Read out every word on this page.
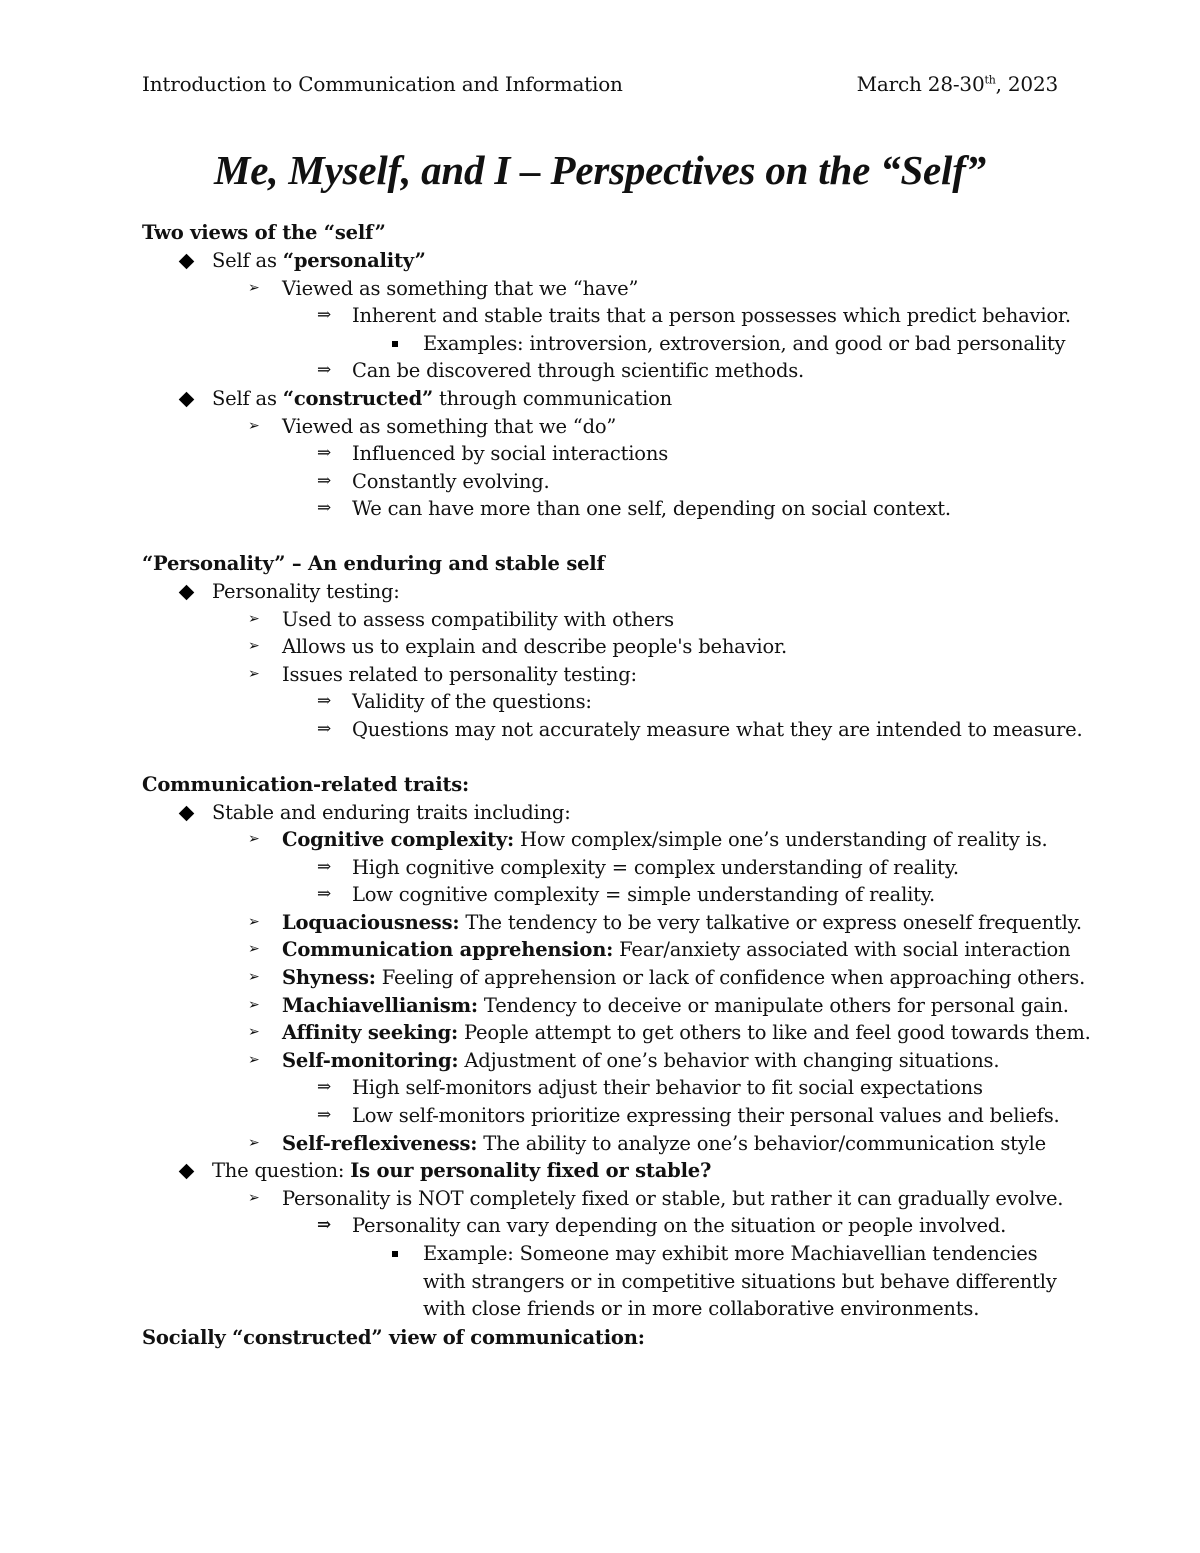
Introduction to Communication and Information	March 28-30th, 2023
Me, Myself, and I – Perspectives on the “Self”
Two views of the “self”
Self as “personality”
➢ Viewed as something that we “have”
⇒ Inherent and stable traits that a person possesses which predict behavior.
Examples: introversion, extroversion, and good or bad personality
⇒ Can be discovered through scientific methods.
Self as “constructed” through communication
➢ Viewed as something that we “do”
⇒ Influenced by social interactions
⇒ Constantly evolving.
⇒ We can have more than one self, depending on social context.
“Personality” – An enduring and stable self
Personality testing:
➢ Used to assess compatibility with others
➢ Allows us to explain and describe people's behavior.
➢ Issues related to personality testing:
⇒ Validity of the questions:
⇒ Questions may not accurately measure what they are intended to measure.
Communication-related traits:
Stable and enduring traits including:
➢ Cognitive complexity: How complex/simple one’s understanding of reality is.
⇒ High cognitive complexity = complex understanding of reality.
⇒ Low cognitive complexity = simple understanding of reality.
➢ Loquaciousness: The tendency to be very talkative or express oneself frequently.
➢ Communication apprehension: Fear/anxiety associated with social interaction
➢ Shyness: Feeling of apprehension or lack of confidence when approaching others.
➢ Machiavellianism: Tendency to deceive or manipulate others for personal gain.
➢ Affinity seeking: People attempt to get others to like and feel good towards them.
➢ Self-monitoring: Adjustment of one’s behavior with changing situations.
⇒ High self-monitors adjust their behavior to fit social expectations
⇒ Low self-monitors prioritize expressing their personal values and beliefs.
➢ Self-reflexiveness: The ability to analyze one’s behavior/communication style
The question: Is our personality fixed or stable?
➢ Personality is NOT completely fixed or stable, but rather it can gradually evolve.
⇒ Personality can vary depending on the situation or people involved.
Example: Someone may exhibit more Machiavellian tendencies with strangers or in competitive situations but behave differently with close friends or in more collaborative environments.
Socially “constructed” view of communication:
